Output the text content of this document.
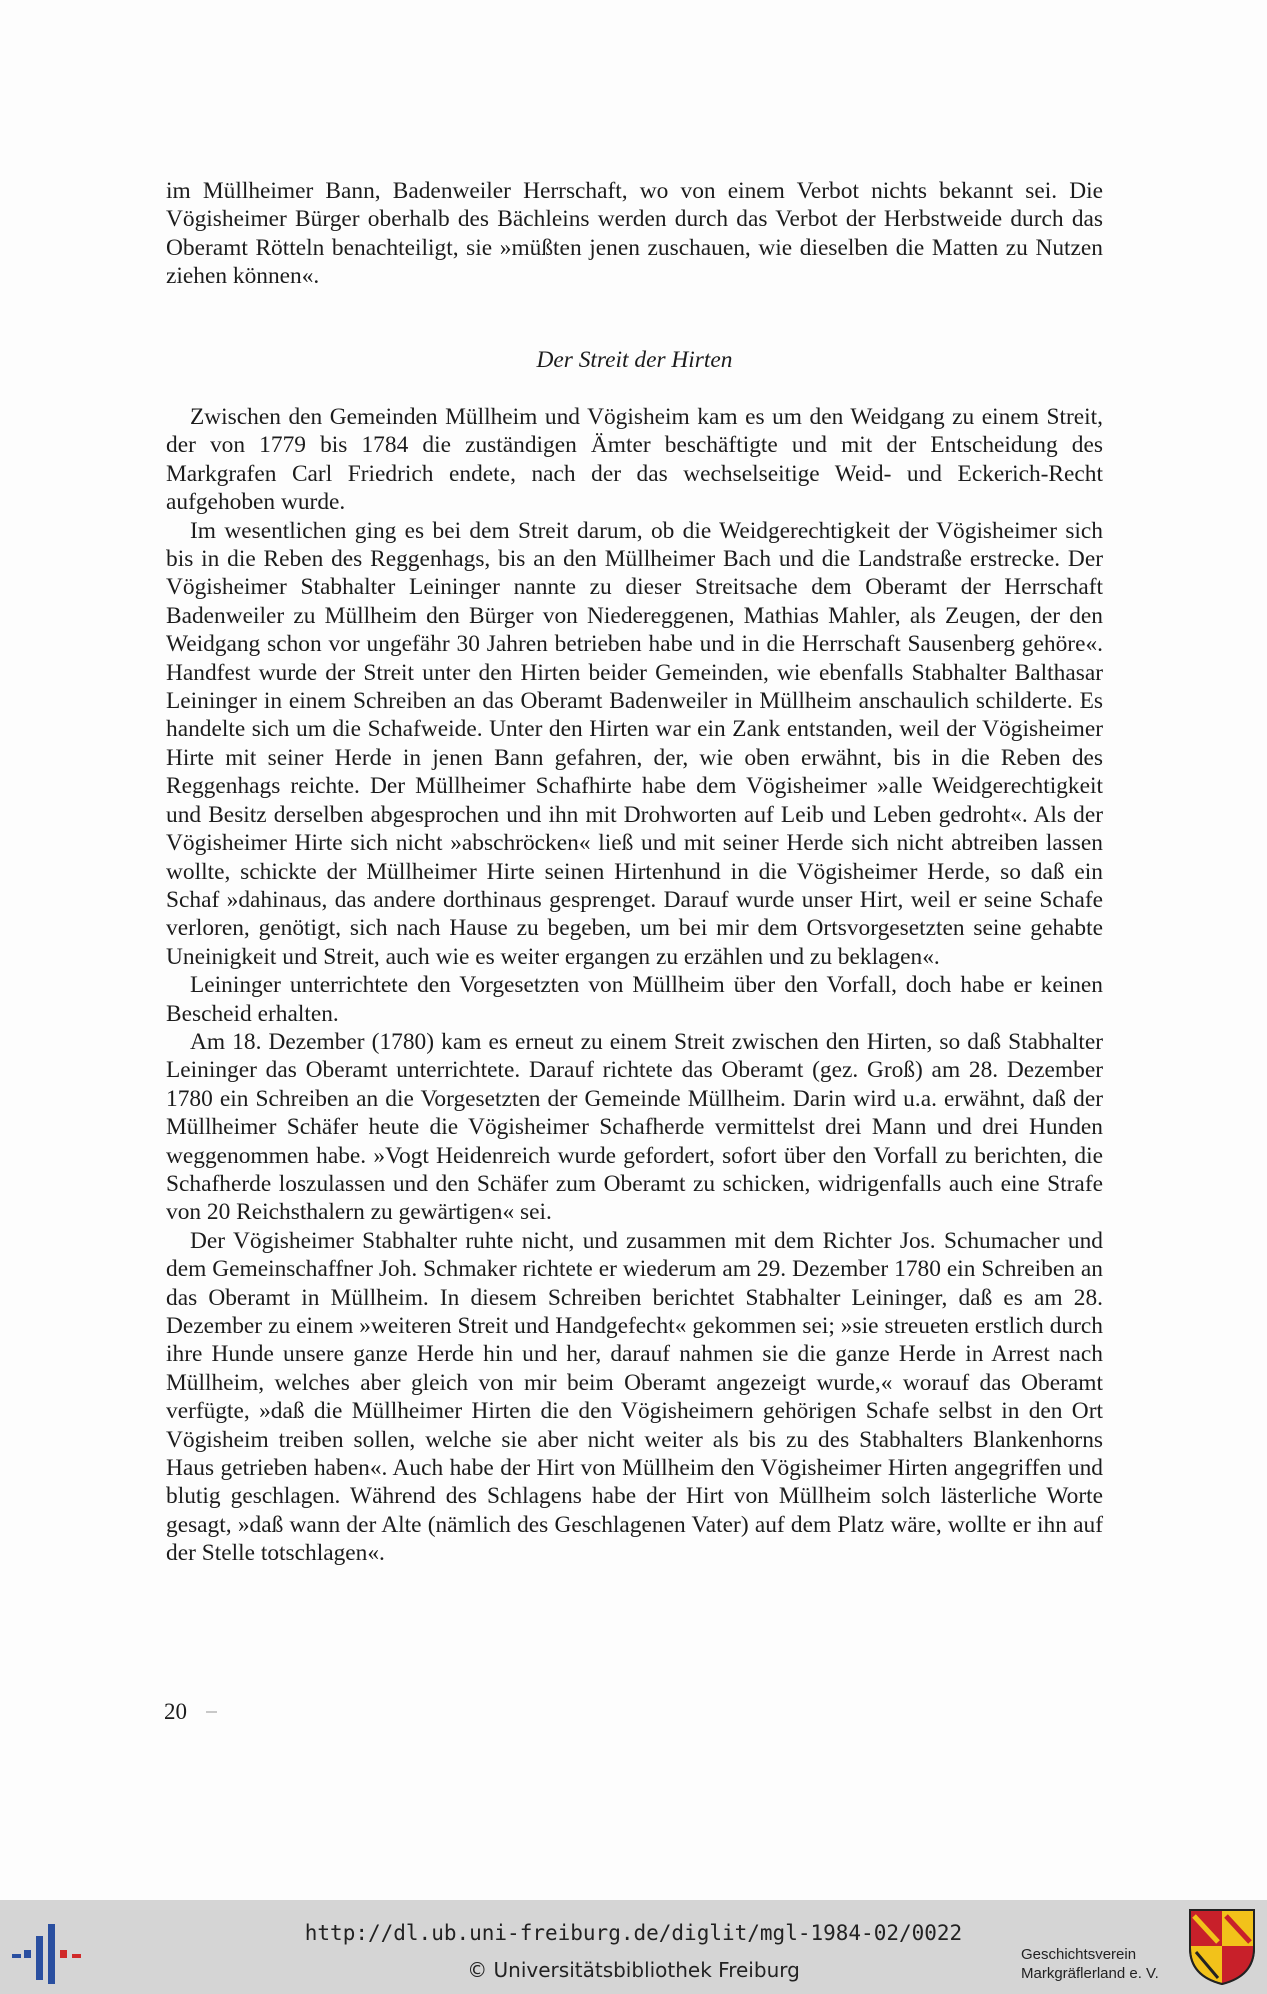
im Müllheimer Bann, Badenweiler Herrschaft, wo von einem Verbot nichts bekannt sei. Die Vögisheimer Bürger oberhalb des Bächleins werden durch das Verbot der Herbstweide durch das Oberamt Rötteln benachteiligt, sie »müßten jenen zuschauen, wie dieselben die Matten zu Nutzen ziehen können«.

Der Streit der Hirten

Zwischen den Gemeinden Müllheim und Vögisheim kam es um den Weidgang zu einem Streit, der von 1779 bis 1784 die zuständigen Ämter beschäftigte und mit der Entscheidung des Markgrafen Carl Friedrich endete, nach der das wechselseitige Weid- und Eckerich-Recht aufgehoben wurde.

Im wesentlichen ging es bei dem Streit darum, ob die Weidgerechtigkeit der Vögisheimer sich bis in die Reben des Reggenhags, bis an den Müllheimer Bach und die Landstraße erstrecke. Der Vögisheimer Stabhalter Leininger nannte zu dieser Streitsache dem Oberamt der Herrschaft Badenweiler zu Müllheim den Bürger von Niedereggenen, Mathias Mahler, als Zeugen, der den Weidgang schon vor ungefähr 30 Jahren betrieben habe und in die Herrschaft Sausenberg gehöre«. Handfest wurde der Streit unter den Hirten beider Gemeinden, wie ebenfalls Stabhalter Balthasar Leininger in einem Schreiben an das Oberamt Badenweiler in Müllheim anschaulich schilderte. Es handelte sich um die Schafweide. Unter den Hirten war ein Zank entstanden, weil der Vögisheimer Hirte mit seiner Herde in jenen Bann gefahren, der, wie oben erwähnt, bis in die Reben des Reggenhags reichte. Der Müllheimer Schafhirte habe dem Vögisheimer »alle Weidgerechtigkeit und Besitz derselben abgesprochen und ihn mit Drohworten auf Leib und Leben gedroht«. Als der Vögisheimer Hirte sich nicht »abschröcken« ließ und mit seiner Herde sich nicht abtreiben lassen wollte, schickte der Müllheimer Hirte seinen Hirtenhund in die Vögisheimer Herde, so daß ein Schaf »dahinaus, das andere dorthinaus gesprenget. Darauf wurde unser Hirt, weil er seine Schafe verloren, genötigt, sich nach Hause zu begeben, um bei mir dem Ortsvorgesetzten seine gehabte Uneinigkeit und Streit, auch wie es weiter ergangen zu erzählen und zu beklagen«.

Leininger unterrichtete den Vorgesetzten von Müllheim über den Vorfall, doch habe er keinen Bescheid erhalten.

Am 18. Dezember (1780) kam es erneut zu einem Streit zwischen den Hirten, so daß Stabhalter Leininger das Oberamt unterrichtete. Darauf richtete das Oberamt (gez. Groß) am 28. Dezember 1780 ein Schreiben an die Vorgesetzten der Gemeinde Müllheim. Darin wird u.a. erwähnt, daß der Müllheimer Schäfer heute die Vögisheimer Schafherde vermittelst drei Mann und drei Hunden weggenommen habe. »Vogt Heidenreich wurde gefordert, sofort über den Vorfall zu berichten, die Schafherde loszulassen und den Schäfer zum Oberamt zu schicken, widrigenfalls auch eine Strafe von 20 Reichsthalern zu gewärtigen« sei.

Der Vögisheimer Stabhalter ruhte nicht, und zusammen mit dem Richter Jos. Schumacher und dem Gemeinschaffner Joh. Schmaker richtete er wiederum am 29. Dezember 1780 ein Schreiben an das Oberamt in Müllheim. In diesem Schreiben berichtet Stabhalter Leininger, daß es am 28. Dezember zu einem »weiteren Streit und Handgefecht« gekommen sei; »sie streueten erstlich durch ihre Hunde unsere ganze Herde hin und her, darauf nahmen sie die ganze Herde in Arrest nach Müllheim, welches aber gleich von mir beim Oberamt angezeigt wurde,« worauf das Oberamt verfügte, »daß die Müllheimer Hirten die den Vögisheimern gehörigen Schafe selbst in den Ort Vögisheim treiben sollen, welche sie aber nicht weiter als bis zu des Stabhalters Blankenhorns Haus getrieben haben«. Auch habe der Hirt von Müllheim den Vögisheimer Hirten angegriffen und blutig geschlagen. Während des Schlagens habe der Hirt von Müllheim solch lästerliche Worte gesagt, »daß wann der Alte (nämlich des Geschlagenen Vater) auf dem Platz wäre, wollte er ihn auf der Stelle totschlagen«.

20
http://dl.ub.uni-freiburg.de/diglit/mgl-1984-02/0022
© Universitätsbibliothek Freiburg
Geschichtsverein
Markgräflerland e. V.
